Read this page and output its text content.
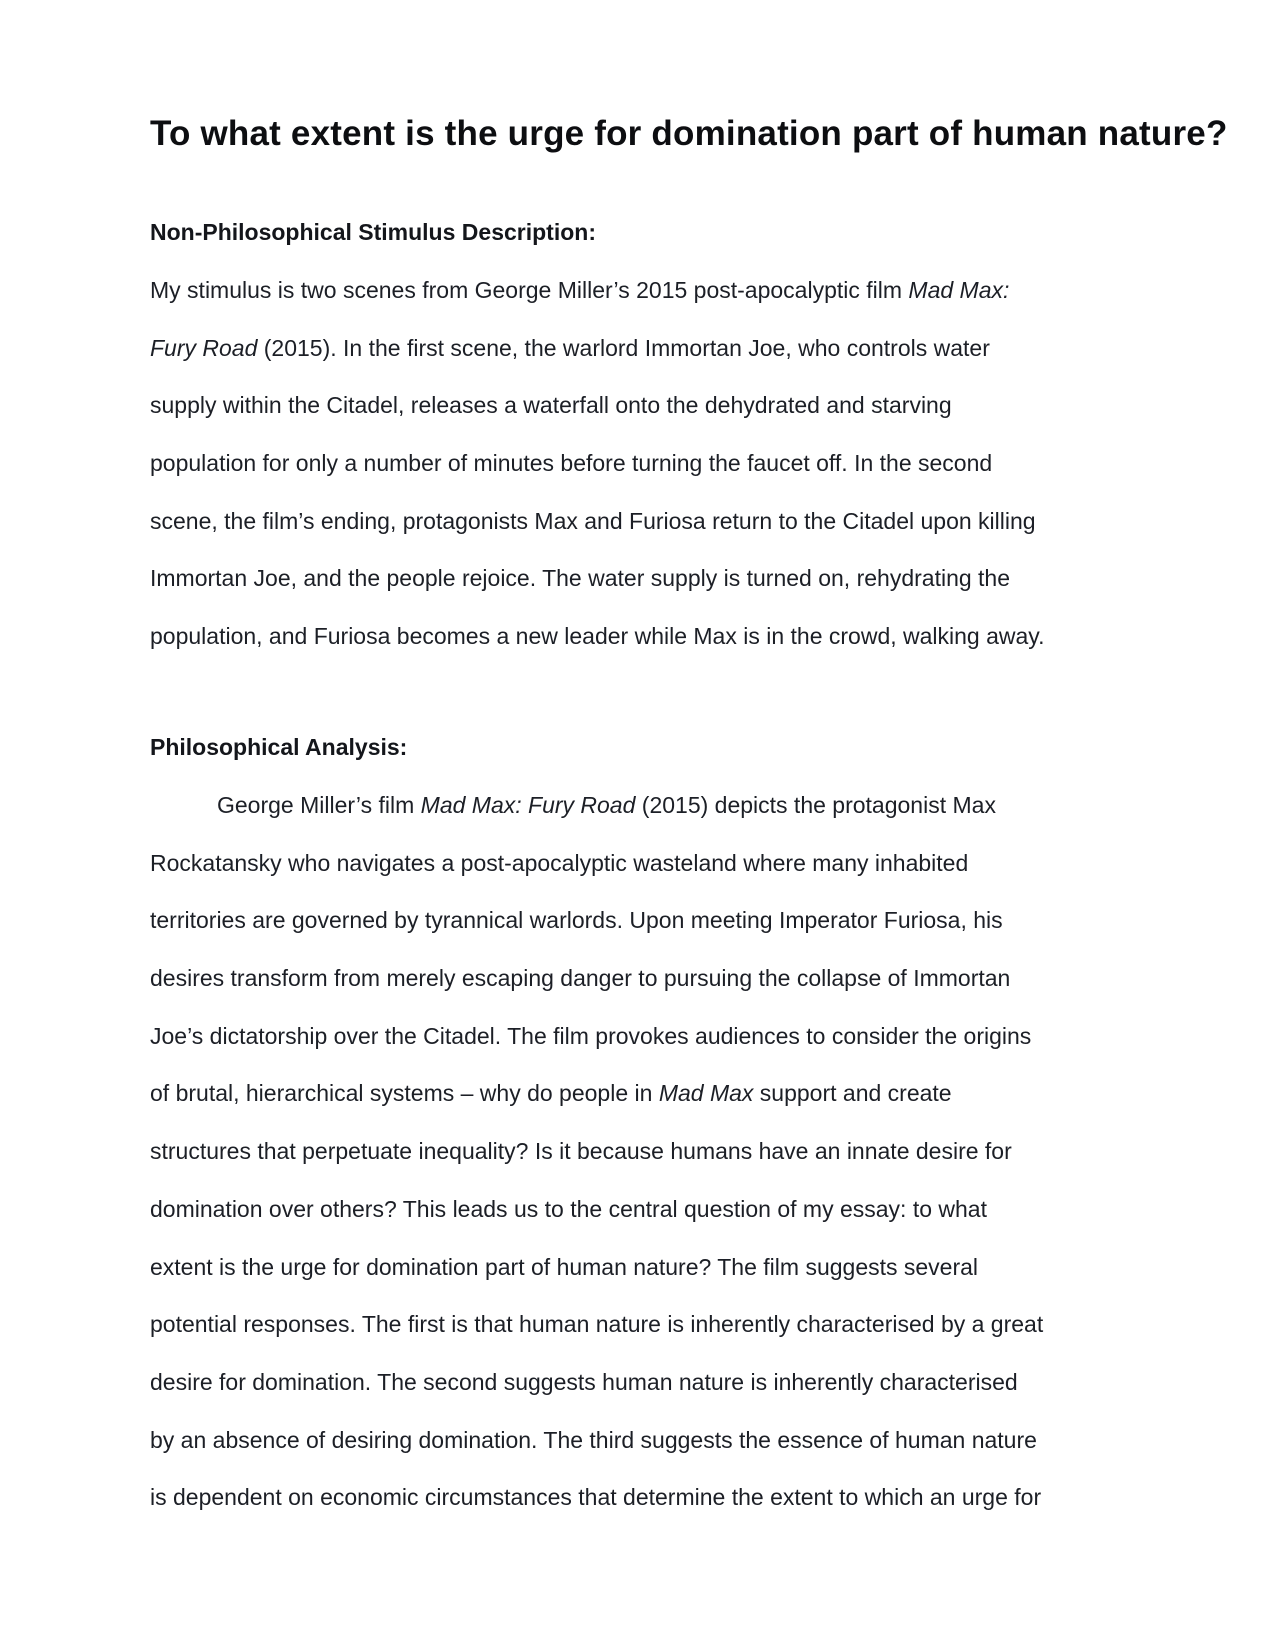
To what extent is the urge for domination part of human nature?
Non-Philosophical Stimulus Description:
My stimulus is two scenes from George Miller’s 2015 post-apocalyptic film Mad Max:
Fury Road (2015). In the first scene, the warlord Immortan Joe, who controls water
supply within the Citadel, releases a waterfall onto the dehydrated and starving
population for only a number of minutes before turning the faucet off. In the second
scene, the film’s ending, protagonists Max and Furiosa return to the Citadel upon killing
Immortan Joe, and the people rejoice. The water supply is turned on, rehydrating the
population, and Furiosa becomes a new leader while Max is in the crowd, walking away.
Philosophical Analysis:
George Miller’s film Mad Max: Fury Road (2015) depicts the protagonist Max
Rockatansky who navigates a post-apocalyptic wasteland where many inhabited
territories are governed by tyrannical warlords. Upon meeting Imperator Furiosa, his
desires transform from merely escaping danger to pursuing the collapse of Immortan
Joe’s dictatorship over the Citadel. The film provokes audiences to consider the origins
of brutal, hierarchical systems – why do people in Mad Max support and create
structures that perpetuate inequality? Is it because humans have an innate desire for
domination over others? This leads us to the central question of my essay: to what
extent is the urge for domination part of human nature? The film suggests several
potential responses. The first is that human nature is inherently characterised by a great
desire for domination. The second suggests human nature is inherently characterised
by an absence of desiring domination. The third suggests the essence of human nature
is dependent on economic circumstances that determine the extent to which an urge for
